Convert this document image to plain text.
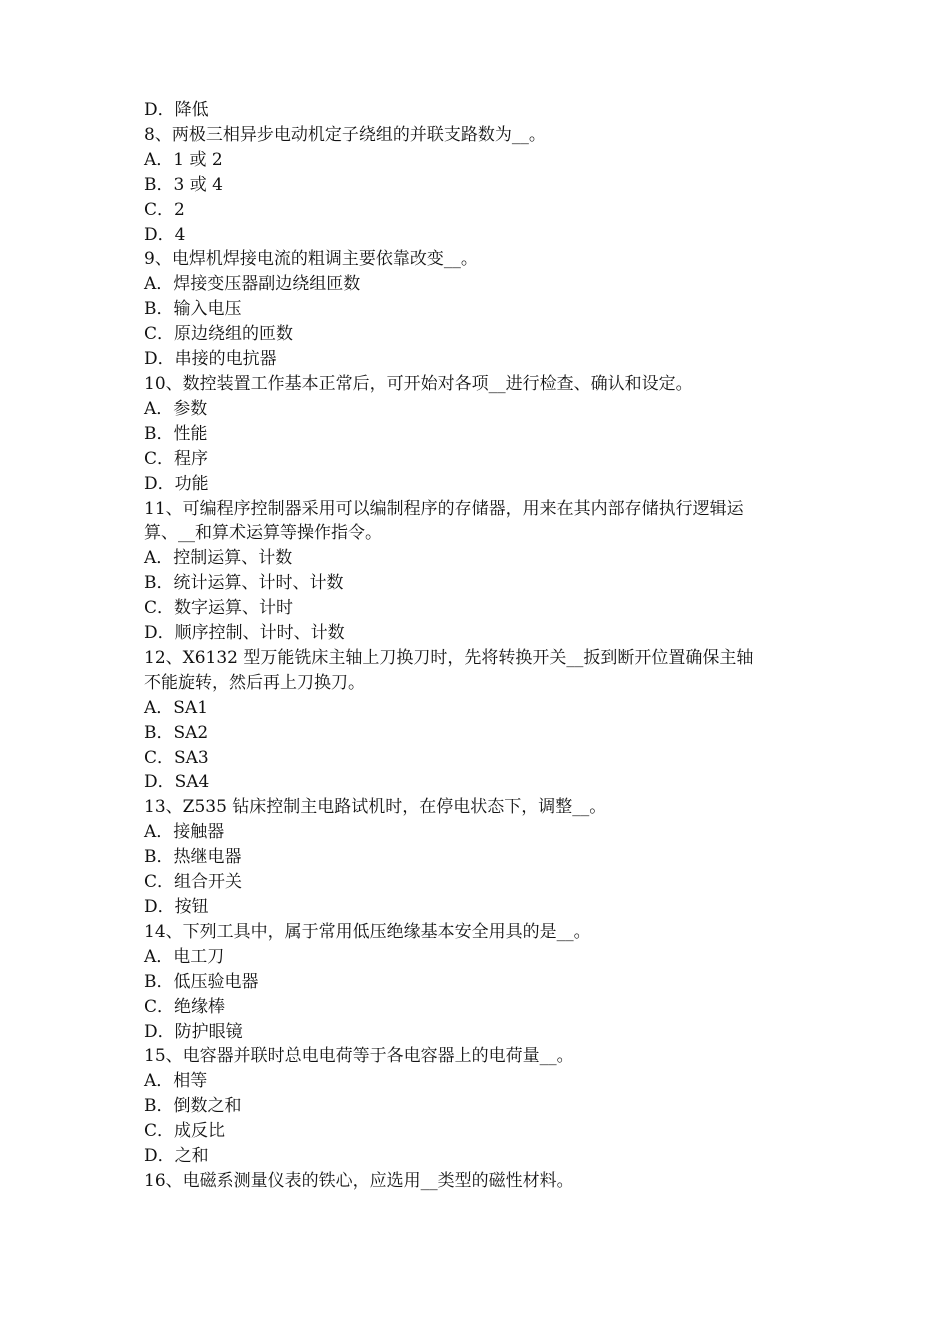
D．降低

8、两极三相异步电动机定子绕组的并联支路数为__。

A．1 或 2

B．3 或 4

C．2

D．4

9、电焊机焊接电流的粗调主要依靠改变__。

A．焊接变压器副边绕组匝数

B．输入电压

C．原边绕组的匝数

D．串接的电抗器

10、数控装置工作基本正常后，可开始对各项__进行检查、确认和设定。

A．参数

B．性能

C．程序

D．功能

11、可编程序控制器采用可以编制程序的存储器，用来在其内部存储执行逻辑运

算、__和算术运算等操作指令。

A．控制运算、计数

B．统计运算、计时、计数

C．数字运算、计时

D．顺序控制、计时、计数

12、X6132 型万能铣床主轴上刀换刀时，先将转换开关__扳到断开位置确保主轴

不能旋转，然后再上刀换刀。

A．SA1

B．SA2

C．SA3

D．SA4

13、Z535 钻床控制主电路试机时，在停电状态下，调整__。

A．接触器

B．热继电器

C．组合开关

D．按钮

14、下列工具中，属于常用低压绝缘基本安全用具的是__。

A．电工刀

B．低压验电器

C．绝缘棒

D．防护眼镜

15、电容器并联时总电电荷等于各电容器上的电荷量__。

A．相等

B．倒数之和

C．成反比

D．之和

16、电磁系测量仪表的铁心，应选用__类型的磁性材料。
